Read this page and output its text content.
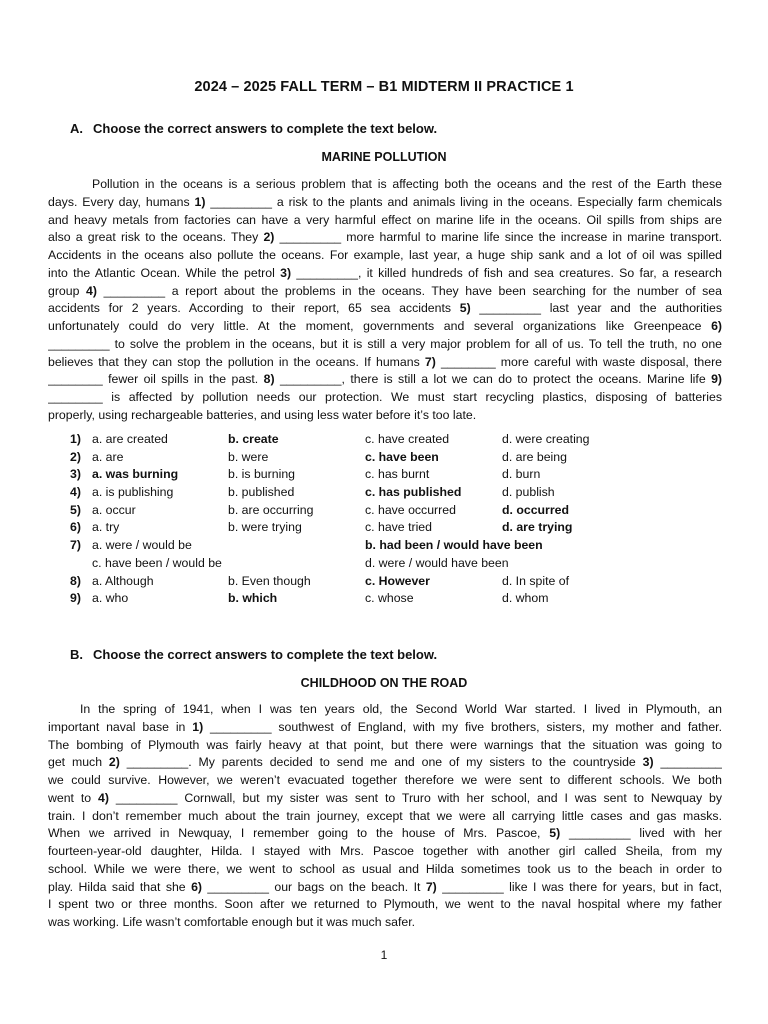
2024 – 2025 FALL TERM – B1 MIDTERM II PRACTICE 1
A. Choose the correct answers to complete the text below.
MARINE POLLUTION
Pollution in the oceans is a serious problem that is affecting both the oceans and the rest of the Earth these
days. Every day, humans 1) _________ a risk to the plants and animals living in the oceans. Especially farm chemicals
and heavy metals from factories can have a very harmful effect on marine life in the oceans. Oil spills from ships are
also a great risk to the oceans. They 2) _________ more harmful to marine life since the increase in marine transport.
Accidents in the oceans also pollute the oceans. For example, last year, a huge ship sank and a lot of oil was spilled
into the Atlantic Ocean. While the petrol 3) _________, it killed hundreds of fish and sea creatures. So far, a research
group 4) _________ a report about the problems in the oceans. They have been searching for the number of sea
accidents for 2 years. According to their report, 65 sea accidents 5) _________ last year and the authorities
unfortunately could do very little. At the moment, governments and several organizations like Greenpeace 6)
_________ to solve the problem in the oceans, but it is still a very major problem for all of us. To tell the truth, no one
believes that they can stop the pollution in the oceans. If humans 7) ________ more careful with waste disposal, there
________ fewer oil spills in the past. 8) _________, there is still a lot we can do to protect the oceans. Marine life 9)
________ is affected by pollution needs our protection. We must start recycling plastics, disposing of batteries
properly, using rechargeable batteries, and using less water before it’s too late.
1) a. are created	b. create	c. have created	d. were creating
2) a. are	b. were	c. have been	d. are being
3) a. was burning	b. is burning	c. has burnt	d. burn
4) a. is publishing	b. published	c. has published	d. publish
5) a. occur	b. are occurring	c. have occurred	d. occurred
6) a. try	b. were trying	c. have tried	d. are trying
7) a. were / would be	b. had been / would have been
c. have been / would be	d. were / would have been
8) a. Although	b. Even though	c. However	d. In spite of
9) a. who	b. which	c. whose	d. whom
B. Choose the correct answers to complete the text below.
CHILDHOOD ON THE ROAD
In the spring of 1941, when I was ten years old, the Second World War started. I lived in Plymouth, an
important naval base in 1) _________ southwest of England, with my five brothers, sisters, my mother and father.
The bombing of Plymouth was fairly heavy at that point, but there were warnings that the situation was going to
get much 2) _________. My parents decided to send me and one of my sisters to the countryside 3) _________
we could survive. However, we weren’t evacuated together therefore we were sent to different schools. We both
went to 4) _________ Cornwall, but my sister was sent to Truro with her school, and I was sent to Newquay by
train. I don’t remember much about the train journey, except that we were all carrying little cases and gas masks.
When we arrived in Newquay, I remember going to the house of Mrs. Pascoe, 5) _________ lived with her
fourteen-year-old daughter, Hilda. I stayed with Mrs. Pascoe together with another girl called Sheila, from my
school. While we were there, we went to school as usual and Hilda sometimes took us to the beach in order to
play. Hilda said that she 6) _________ our bags on the beach. It 7) _________ like I was there for years, but in fact,
I spent two or three months. Soon after we returned to Plymouth, we went to the naval hospital where my father
was working. Life wasn’t comfortable enough but it was much safer.
1
